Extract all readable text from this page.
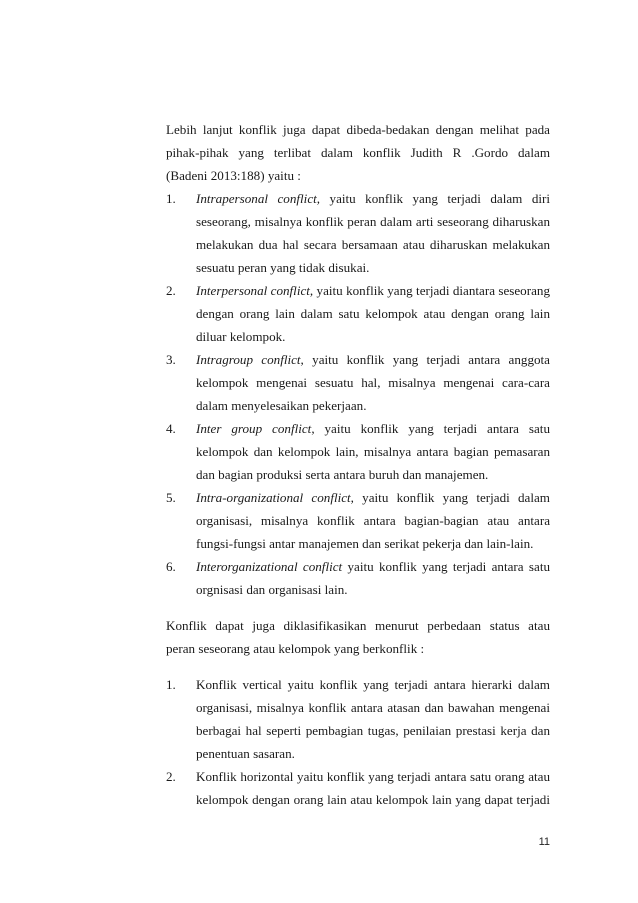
Lebih lanjut konflik juga dapat dibeda-bedakan dengan melihat pada
pihak-pihak yang terlibat dalam konflik Judith R .Gordo dalam
(Badeni 2013:188) yaitu :

1.	Intrapersonal conflict, yaitu konflik yang terjadi dalam diri
seseorang, misalnya konflik peran dalam arti seseorang diharuskan
melakukan dua hal secara bersamaan atau diharuskan melakukan
sesuatu peran yang tidak disukai.
2.	Interpersonal conflict, yaitu konflik yang terjadi diantara seseorang
dengan orang lain dalam satu kelompok atau dengan orang lain
diluar kelompok.
3.	Intragroup conflict, yaitu konflik yang terjadi antara anggota
kelompok mengenai sesuatu hal, misalnya mengenai cara-cara
dalam menyelesaikan pekerjaan.
4.	Inter group conflict, yaitu konflik yang terjadi antara satu
kelompok dan kelompok lain, misalnya antara bagian pemasaran
dan bagian produksi serta antara buruh dan manajemen.
5.	Intra-organizational conflict, yaitu konflik yang terjadi dalam
organisasi, misalnya konflik antara bagian-bagian atau antara
fungsi-fungsi antar manajemen dan serikat pekerja dan lain-lain.
6.	Interorganizational conflict yaitu konflik yang terjadi antara satu
orgnisasi dan organisasi lain.

Konflik dapat juga diklasifikasikan menurut perbedaan status atau
peran seseorang atau kelompok yang berkonflik :

1.	Konflik vertical yaitu konflik yang terjadi antara hierarki dalam
organisasi, misalnya konflik antara atasan dan bawahan mengenai
berbagai hal seperti pembagian tugas, penilaian prestasi kerja dan
penentuan sasaran.
2.	Konflik horizontal yaitu konflik yang terjadi antara satu orang atau
kelompok dengan orang lain atau kelompok lain yang dapat terjadi
11
